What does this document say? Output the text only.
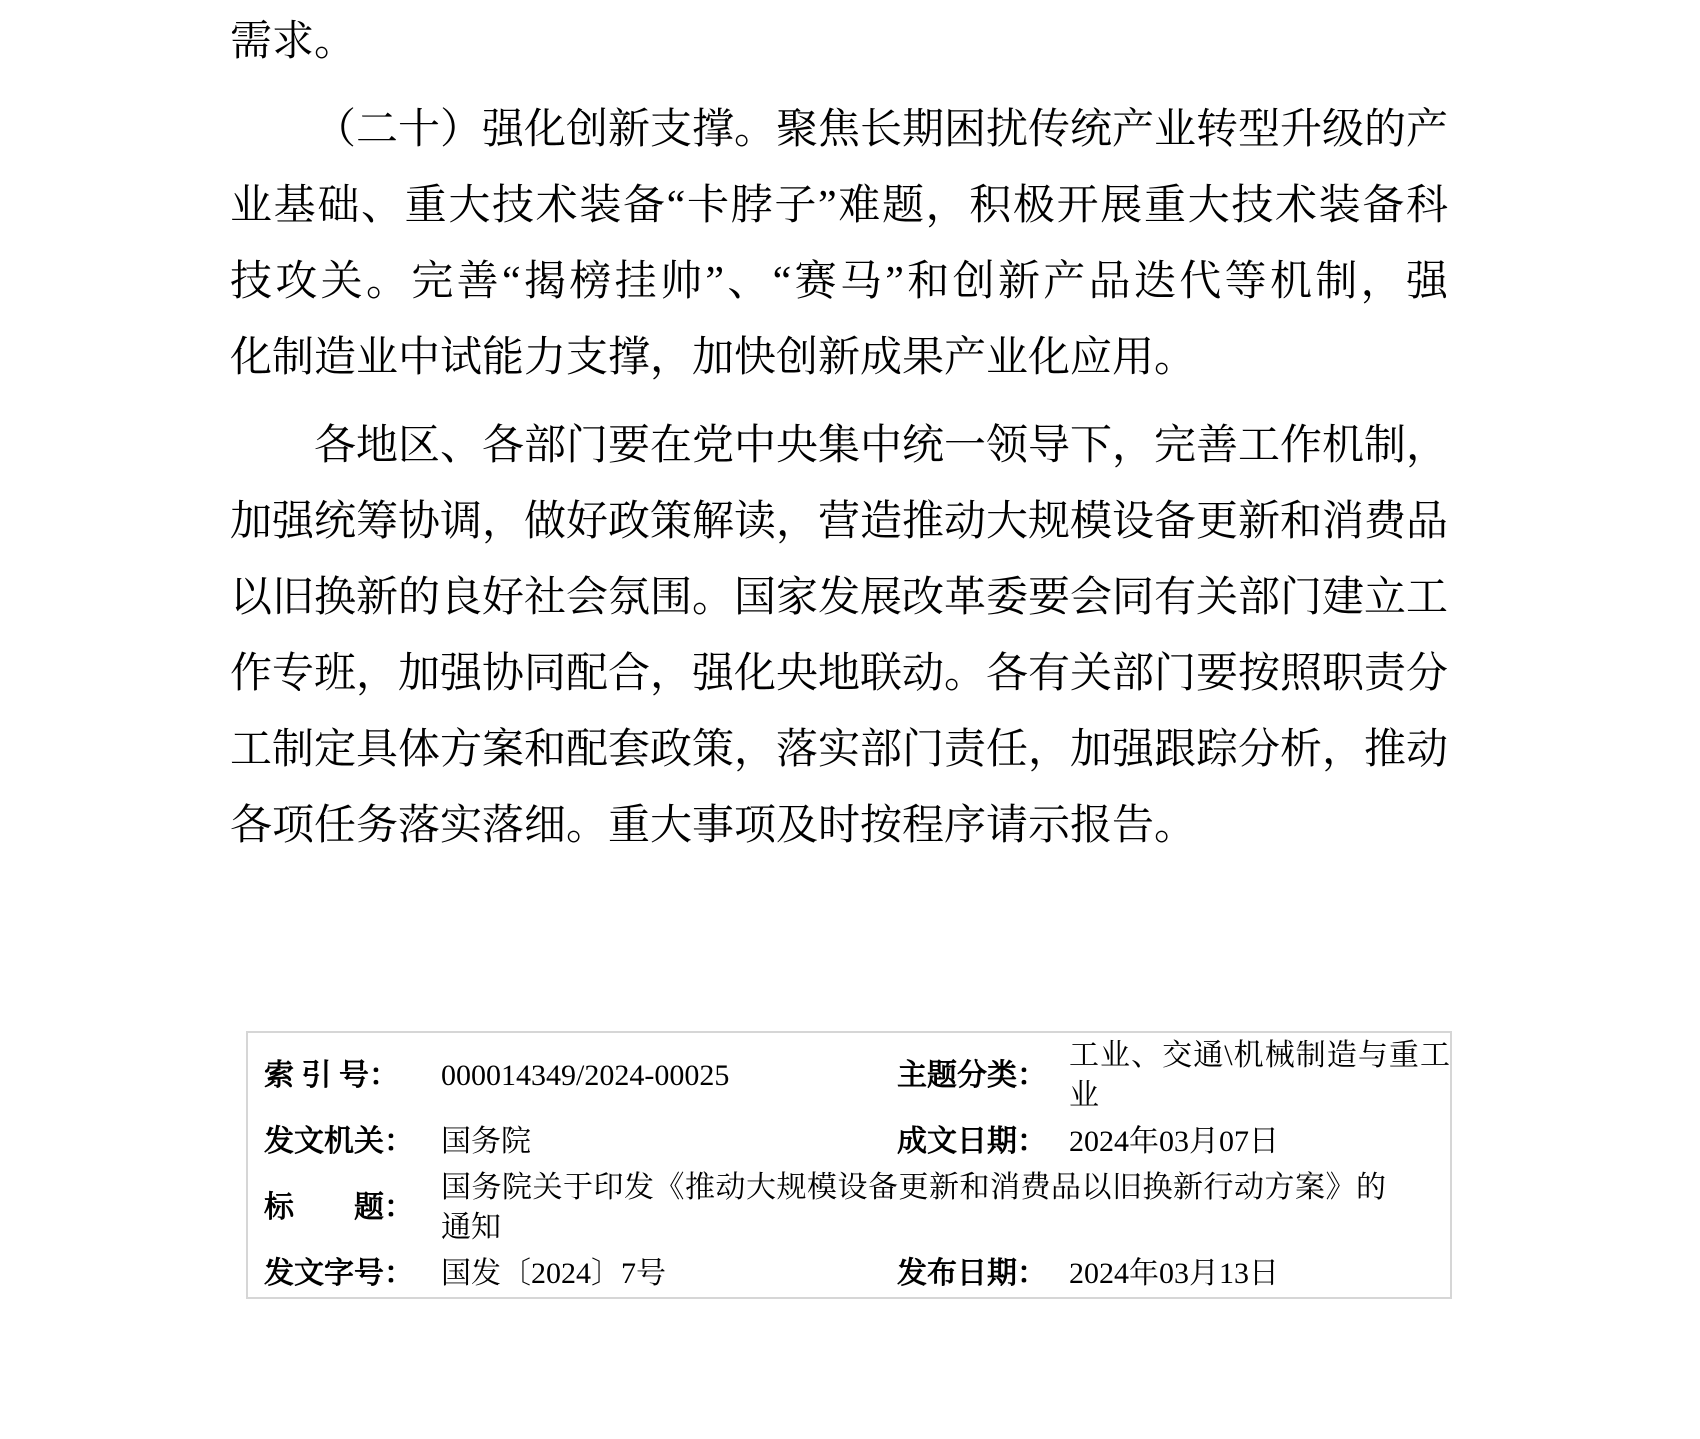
需求。
（二十）强化创新支撑。聚焦长期困扰传统产业转型升级的产
业基础、重大技术装备“卡脖子”难题，积极开展重大技术装备科
技攻关。完善“揭榜挂帅”、“赛马”和创新产品迭代等机制，强
化制造业中试能力支撑，加快创新成果产业化应用。
各地区、各部门要在党中央集中统一领导下，完善工作机制，
加强统筹协调，做好政策解读，营造推动大规模设备更新和消费品
以旧换新的良好社会氛围。国家发展改革委要会同有关部门建立工
作专班，加强协同配合，强化央地联动。各有关部门要按照职责分
工制定具体方案和配套政策，落实部门责任，加强跟踪分析，推动
各项任务落实落细。重大事项及时按程序请示报告。
索 引 号：	000014349/2024-00025	主题分类：	工业、交通\机械制造与重工业
发文机关：	国务院	成文日期：	2024年03月07日
标　　题：	国务院关于印发《推动大规模设备更新和消费品以旧换新行动方案》的通知		

发文字号：	国发〔2024〕7号	发布日期：	2024年03月13日
